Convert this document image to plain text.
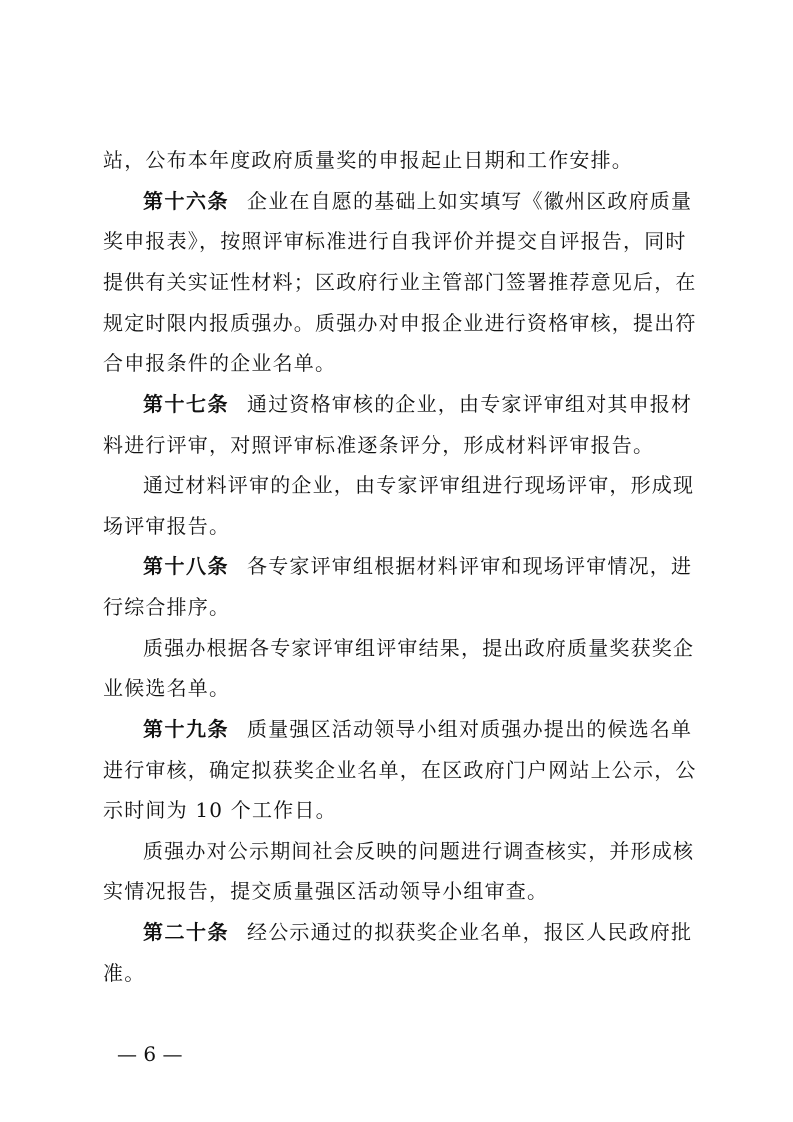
站，公布本年度政府质量奖的申报起止日期和工作安排。
第十六条 企业在自愿的基础上如实填写《徽州区政府质量
奖申报表》，按照评审标准进行自我评价并提交自评报告，同时
提供有关实证性材料；区政府行业主管部门签署推荐意见后，在
规定时限内报质强办。质强办对申报企业进行资格审核，提出符
合申报条件的企业名单。
第十七条 通过资格审核的企业，由专家评审组对其申报材
料进行评审，对照评审标准逐条评分，形成材料评审报告。
通过材料评审的企业，由专家评审组进行现场评审，形成现
场评审报告。
第十八条 各专家评审组根据材料评审和现场评审情况，进
行综合排序。
质强办根据各专家评审组评审结果，提出政府质量奖获奖企
业候选名单。
第十九条 质量强区活动领导小组对质强办提出的候选名单
进行审核，确定拟获奖企业名单，在区政府门户网站上公示，公
示时间为 10 个工作日。
质强办对公示期间社会反映的问题进行调查核实，并形成核
实情况报告，提交质量强区活动领导小组审查。
第二十条 经公示通过的拟获奖企业名单，报区人民政府批
准。
— 6 —
